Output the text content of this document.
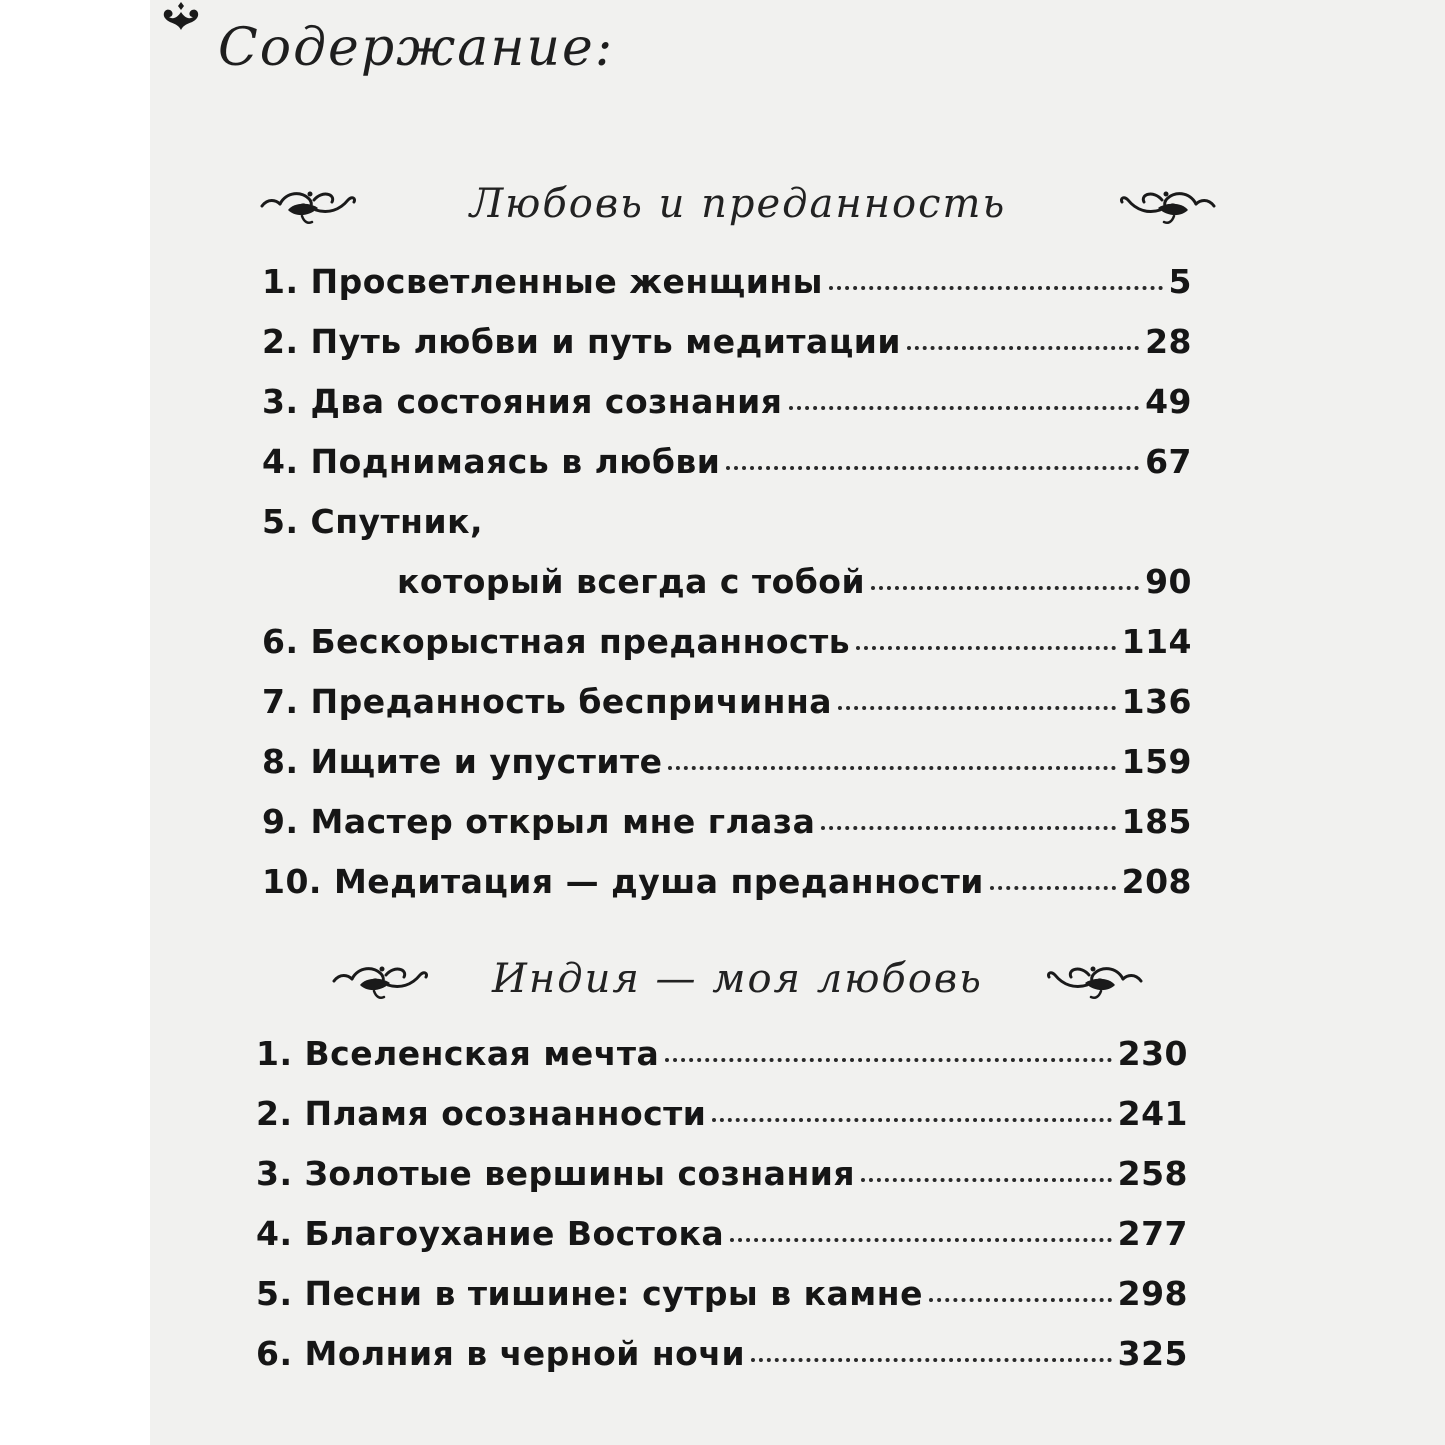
Содержание:
Любовь и преданность
1. Просветленные женщины	5
2. Путь любви и путь медитации	28
3. Два состояния сознания	49
4. Поднимаясь в любви	67
5. Спутник,
который всегда с тобой	90
6. Бескорыстная преданность	114
7. Преданность беспричинна	136
8. Ищите и упустите	159
9. Мастер открыл мне глаза	185
10. Медитация — душа преданности	208
Индия — моя любовь
1. Вселенская мечта	230
2. Пламя осознанности	241
3. Золотые вершины сознания	258
4. Благоухание Востока	277
5. Песни в тишине: сутры в камне	298
6. Молния в черной ночи	325
